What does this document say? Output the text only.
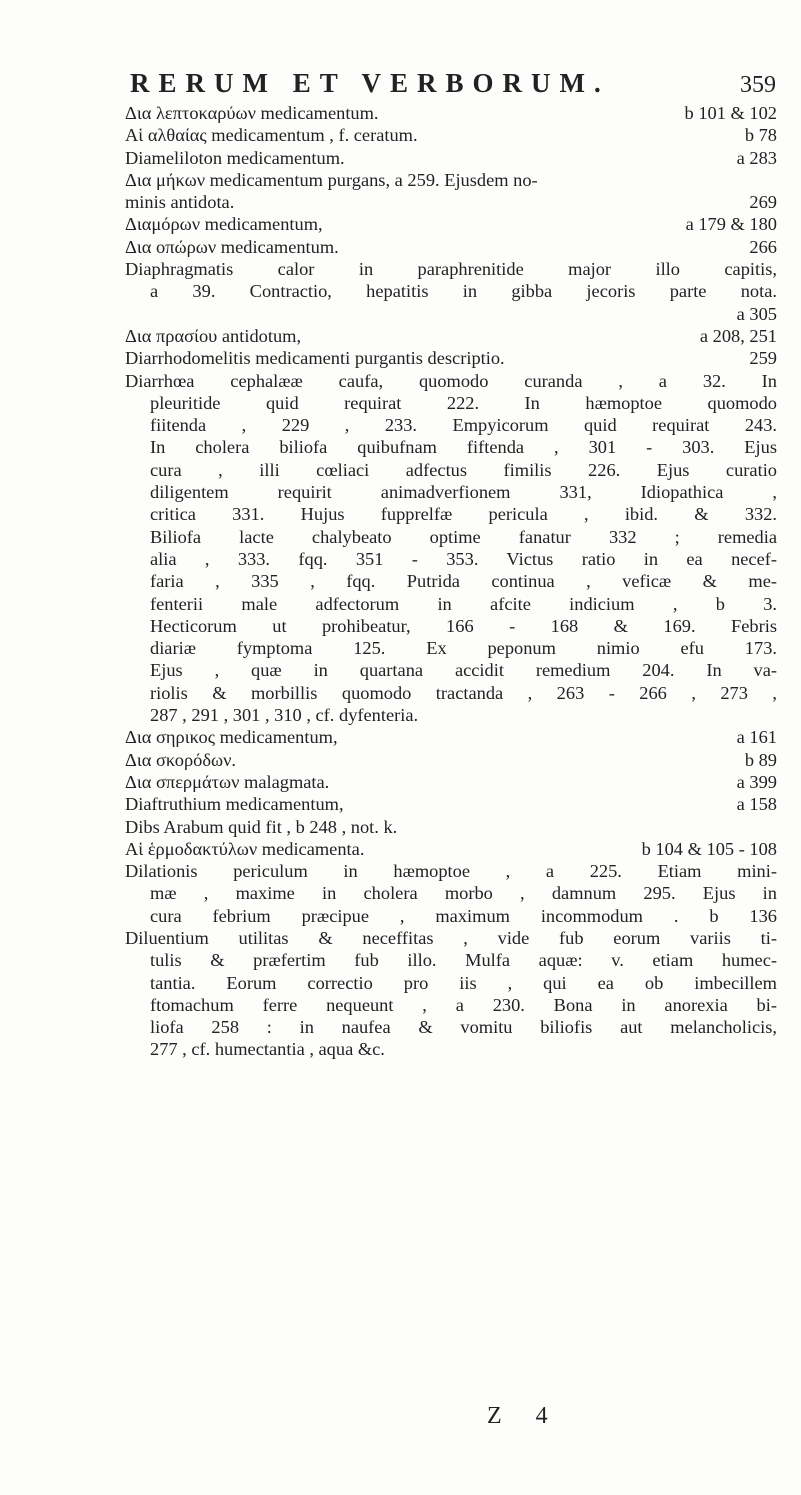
RERUM ET VERBORUM.	359
Δια λεπτοκαρύων medicamentum.	b 101 & 102
Αἱ αλθαίας medicamentum , f. ceratum.	b 78
Diamelilоton medicamentum.	a 283
Δια μήκων medicamentum purgans, a 259. Ejusdem no-
minis antidota.	269
Διαμόρων medicamentum,	a 179 & 180
Δια οπώρων medicamentum.	266
Diaphragmatis calor in paraphrenitide major illo capitis,
a 39. Contractio, hepatitis in gibba jecoris parte nota.
a 305
Δια πρασίου antidotum,	a 208, 251
Diarrhodomelitis medicamenti purgantis descriptio.	259
Diarrhœa cephalææ caufa, quomodo curanda , a 32. In
pleuritide quid requirat 222. In hæmoptoe quomodo
fiitenda , 229 , 233. Empyicorum quid requirat 243.
In cholera biliofa quibufnam fiftenda , 301 - 303. Ejus
cura , illi cœliaci adfectus fimilis 226. Ejus curatio
diligentem requirit animadverfionem 331, Idiopathica ,
critica 331. Hujus fupprelfæ pericula , ibid. & 332.
Biliofa lacte chalybeato optime fanatur 332 ; remedia
alia , 333. fqq. 351 - 353. Victus ratio in ea necef-
faria , 335 , fqq. Putrida continua , veficæ & me-
fenterii male adfectorum in afcite indicium , b 3.
Hecticorum ut prohibeatur, 166 - 168 & 169. Febris
diariæ fymptoma 125. Ex peponum nimio efu 173.
Ejus , quæ in quartana accidit remedium 204. In va-
riolis & morbillis quomodo tractanda , 263 - 266 , 273 ,
287 , 291 , 301 , 310 , cf. dyfenteria.
Δια σηρικος medicamentum,	a 161
Δια σκορόδων.	b 89
Δια σπερμάτων malagmata.	a 399
Diaftruthium medicamentum,	a 158
Dibs Arabum quid fit , b 248 , not. k.
Αἱ ἑρμοδακτύλων medicamenta.	b 104 & 105 - 108
Dilationis periculum in hæmoptoe , a 225. Etiam mini-
mæ , maxime in cholera morbo , damnum 295. Ejus in
cura febrium præcipue , maximum incommodum . b 136
Diluentium utilitas & neceffitas , vide fub eorum variis ti-
tulis & præfertim fub illo. Mulfa aquæ: v. etiam humec-
tantia. Eorum correctio pro iis , qui ea ob imbecillem
ftomachum ferre nequeunt , a 230. Bona in anorexia bi-
liofa 258 : in naufea & vomitu biliofis aut melancholicis,
277 , cf. humectantia , aqua &c.
Z 4
